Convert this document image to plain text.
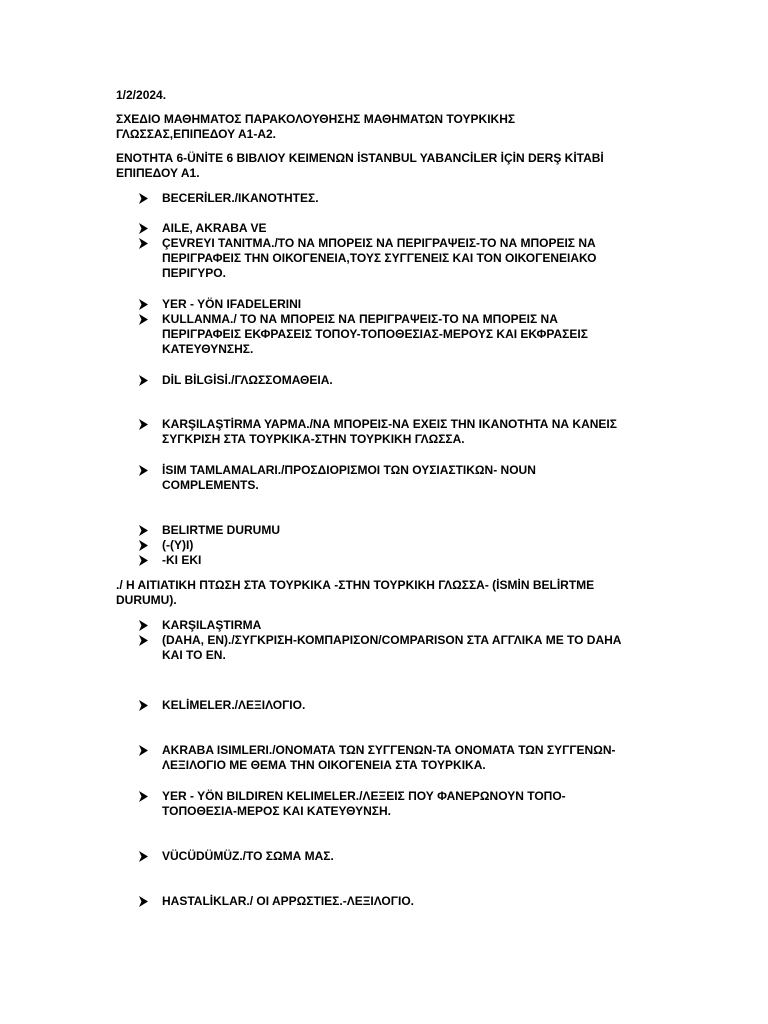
1/2/2024.

ΣΧΕΔΙΟ ΜΑΘΗΜΑΤΟΣ ΠΑΡΑΚΟΛΟΥΘΗΣΗΣ ΜΑΘΗΜΑΤΩΝ ΤΟΥΡΚΙΚΗΣ ΓΛΩΣΣΑΣ,ΕΠΙΠΕΔΟΥ Α1-Α2.

ΕΝΟΤΗΤΑ 6-ÜNİTE 6 ΒΙΒΛΙΟΥ ΚΕΙΜΕΝΩΝ İSTANBUL YABANCİLER İÇİN DERŞ KİTABİ ΕΠΙΠΕΔΟΥ Α1.

BECERİLER./ΙΚΑΝΟΤΗΤΕΣ.
AILE, AKRABA VE
ÇEVREYI TANITMA./ΤΟ ΝΑ ΜΠΟΡΕΙΣ ΝΑ ΠΕΡΙΓΡΑΨΕΙΣ-ΤΟ ΝΑ ΜΠΟΡΕΙΣ ΝΑ ΠΕΡΙΓΡΑΦΕΙΣ ΤΗΝ ΟΙΚΟΓΕΝΕΙΑ,ΤΟΥΣ ΣΥΓΓΕΝΕΙΣ ΚΑΙ ΤΟΝ ΟΙΚΟΓΕΝΕΙΑΚΟ ΠΕΡΙΓΥΡΟ.
YER - YÖN IFADELERINI
KULLANMA./ ΤΟ ΝΑ ΜΠΟΡΕΙΣ ΝΑ ΠΕΡΙΓΡΑΨΕΙΣ-ΤΟ ΝΑ ΜΠΟΡΕΙΣ ΝΑ ΠΕΡΙΓΡΑΦΕΙΣ ΕΚΦΡΑΣΕΙΣ ΤΟΠΟΥ-ΤΟΠΟΘΕΣΙΑΣ-ΜΕΡΟΥΣ ΚΑΙ ΕΚΦΡΑΣΕΙΣ ΚΑΤΕΥΘΥΝΣΗΣ.
DİL BİLGİSİ./ΓΛΩΣΣΟΜΑΘΕΙΑ.
KARŞILAŞTİRMA YAPMA./ΝΑ ΜΠΟΡΕΙΣ-ΝΑ ΕΧΕΙΣ ΤΗΝ ΙΚΑΝΟΤΗΤΑ ΝΑ ΚΑΝΕΙΣ ΣΥΓΚΡΙΣΗ ΣΤΑ ΤΟΥΡΚΙΚΑ-ΣΤΗΝ ΤΟΥΡΚΙΚΗ ΓΛΩΣΣΑ.
İSIM TAMLAMALARI./ΠΡΟΣΔΙΟΡΙΣΜΟΙ ΤΩΝ ΟΥΣΙΑΣΤΙΚΩΝ- NOUN COMPLEMENTS.
BELIRTME DURUMU
(-(Y)I)
-KI EKI

./ Η ΑΙΤΙΑΤΙΚΗ ΠΤΩΣΗ ΣΤΑ ΤΟΥΡΚΙΚΑ -ΣΤΗΝ ΤΟΥΡΚΙΚΗ ΓΛΩΣΣΑ- (İSMİN BELİRTME DURUMU).

KARŞILAŞTIRMA
(DAHA, EN)./ΣΥΓΚΡΙΣΗ-ΚΟΜΠΑΡΙΣΟΝ/COMPARISON ΣΤΑ ΑΓΓΛΙΚΑ ΜΕ ΤΟ DAHA ΚΑΙ ΤΟ EN.
KELİMELER./ΛΕΞΙΛΟΓΙΟ.
AKRABA ISIMLERI./ΟΝΟΜΑΤΑ ΤΩΝ ΣΥΓΓΕΝΩΝ-ΤΑ ΟΝΟΜΑΤΑ ΤΩΝ ΣΥΓΓΕΝΩΝ-ΛΕΞΙΛΟΓΙΟ ΜΕ ΘΕΜΑ ΤΗΝ ΟΙΚΟΓΕΝΕΙΑ ΣΤΑ ΤΟΥΡΚΙΚΑ.
YER - YÖN BILDIREN KELIMELER./ΛΕΞΕΙΣ ΠΟΥ ΦΑΝΕΡΩΝΟΥΝ ΤΟΠΟ-ΤΟΠΟΘΕΣΙΑ-ΜΕΡΟΣ ΚΑΙ ΚΑΤΕΥΘΥΝΣΗ.
VÜCÜDÜMÜZ./ΤΟ ΣΩΜΑ ΜΑΣ.
HASTALİKLAR./ ΟΙ ΑΡΡΩΣΤΙΕΣ.-ΛΕΞΙΛΟΓΙΟ.
